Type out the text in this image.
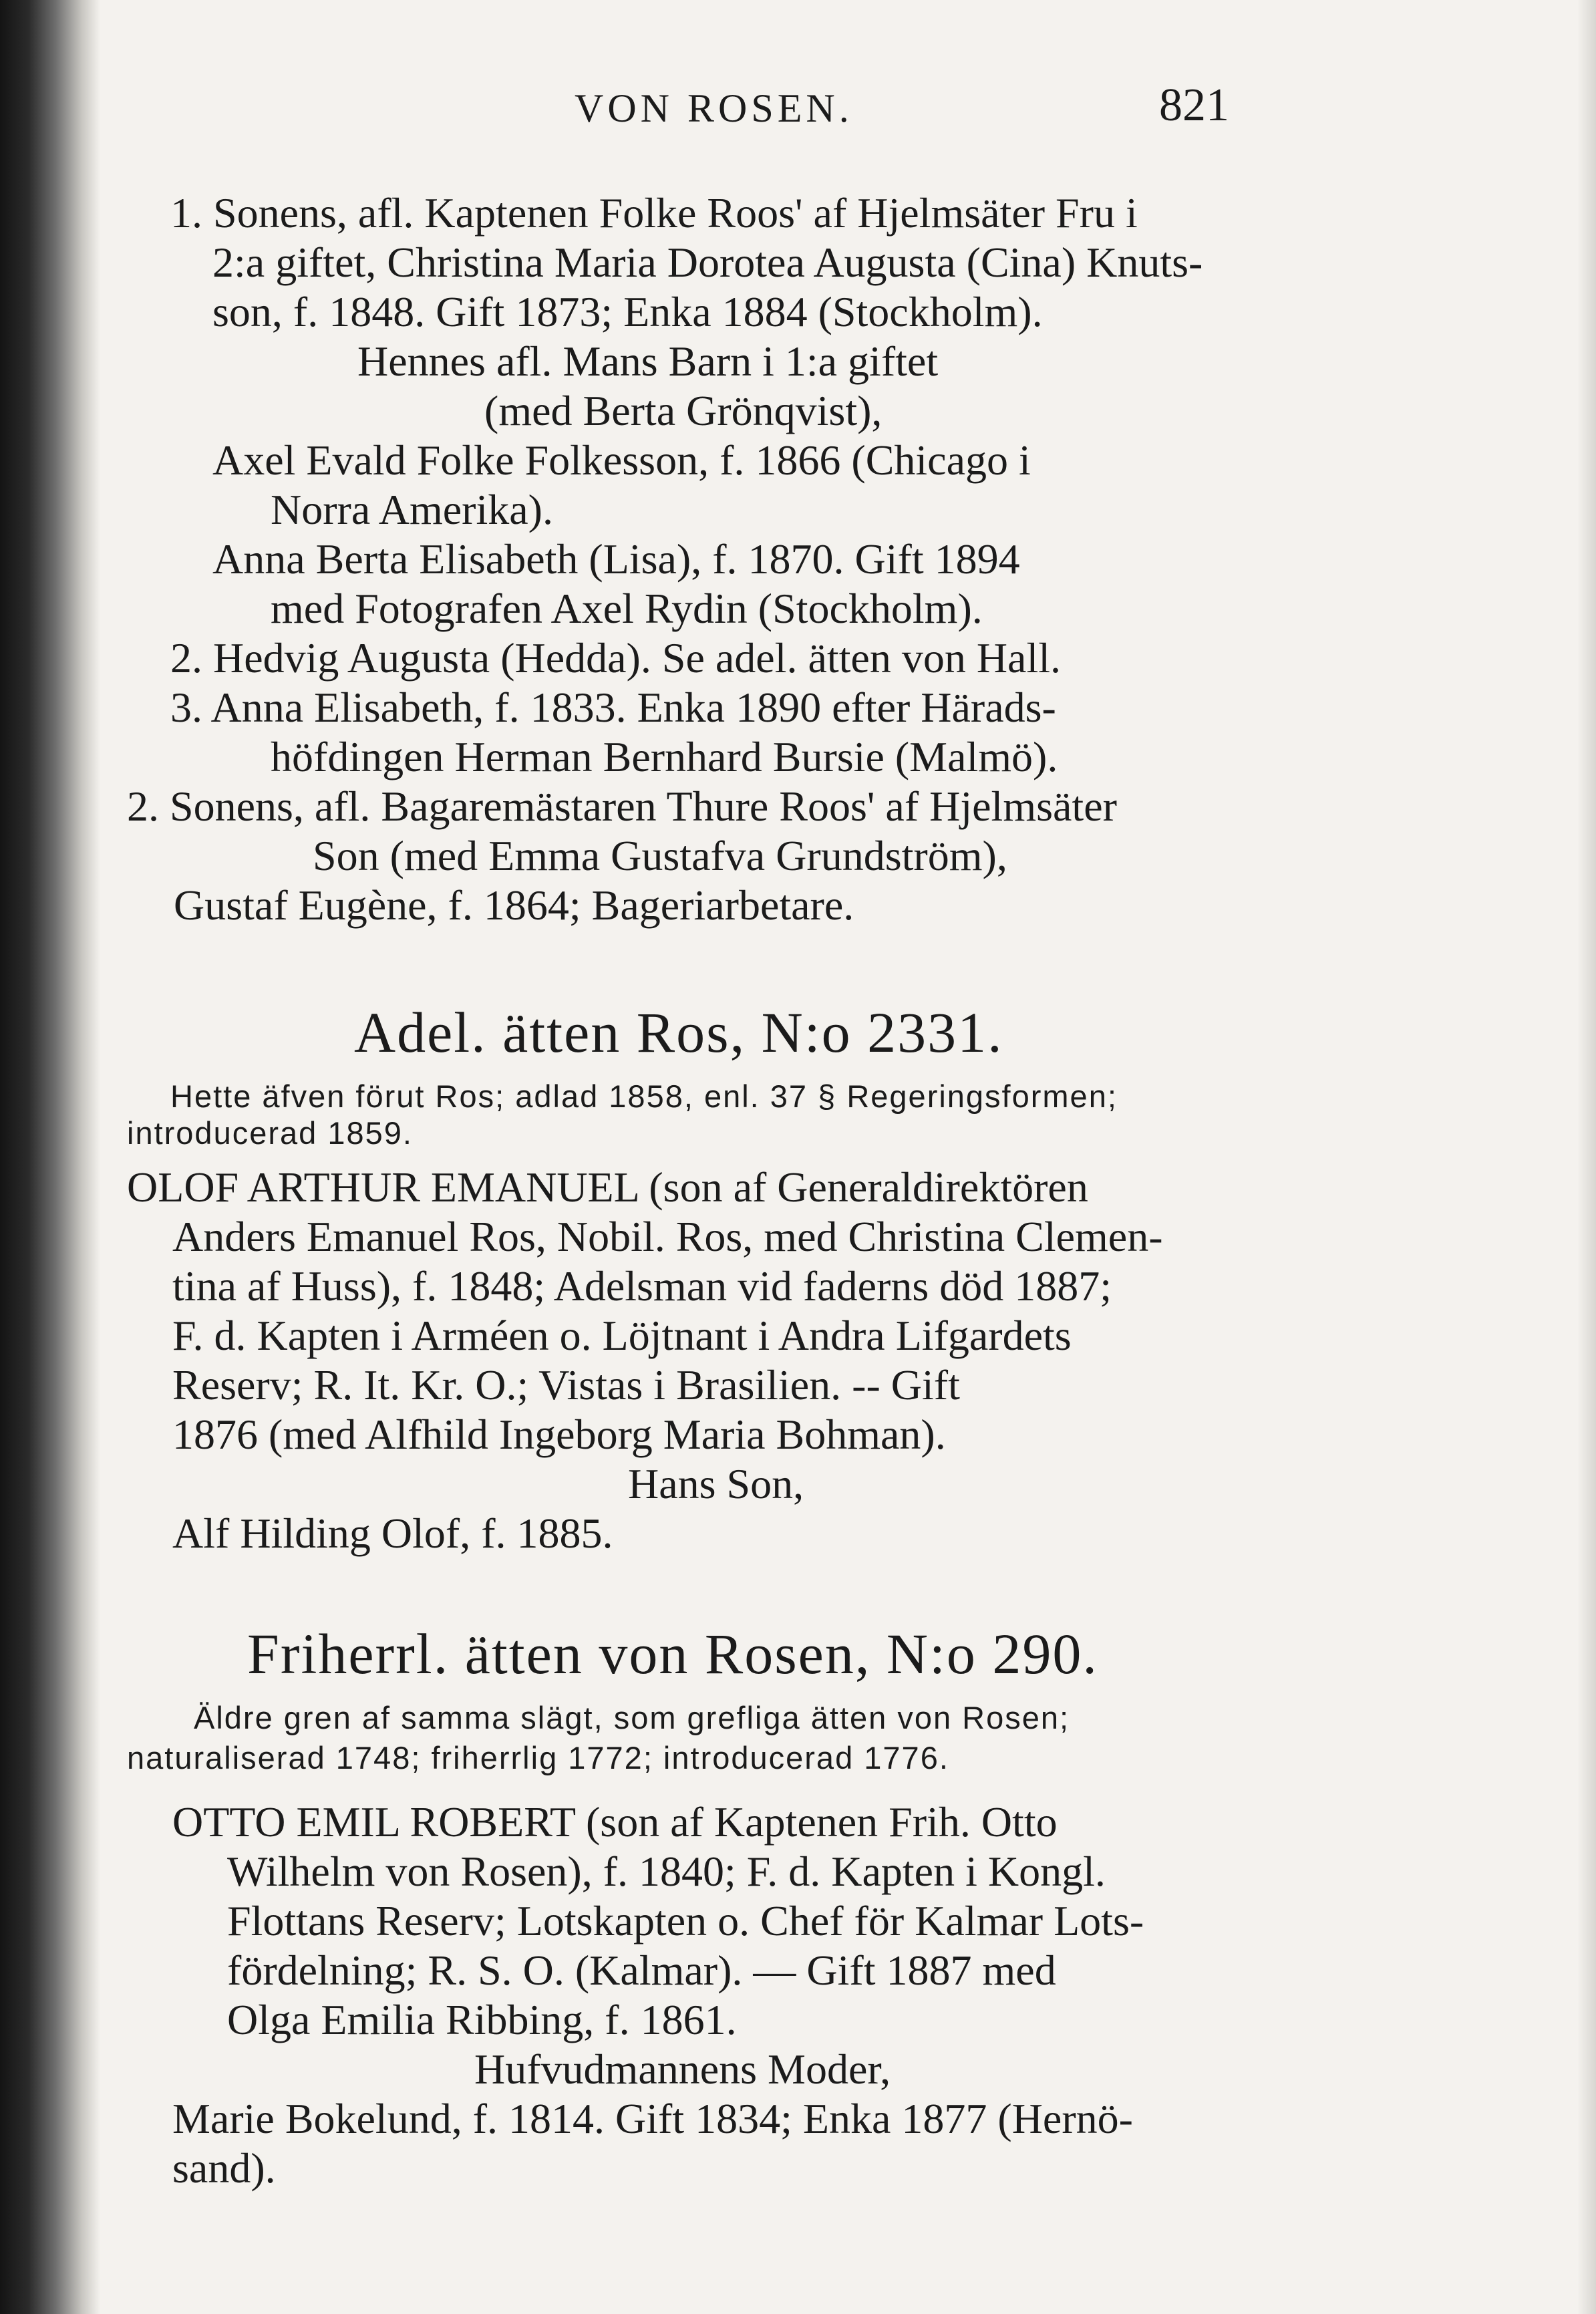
VON ROSEN.	821
1. Sonens, afl. Kaptenen Folke Roos' af Hjelmsäter Fru i
2:a giftet, Christina Maria Dorotea Augusta (Cina) Knuts-
son, f. 1848. Gift 1873; Enka 1884 (Stockholm).
Hennes afl. Mans Barn i 1:a giftet
(med Berta Grönqvist),
Axel Evald Folke Folkesson, f. 1866 (Chicago i
Norra Amerika).
Anna Berta Elisabeth (Lisa), f. 1870. Gift 1894
med Fotografen Axel Rydin (Stockholm).
2. Hedvig Augusta (Hedda). Se adel. ätten von Hall.
3. Anna Elisabeth, f. 1833. Enka 1890 efter Härads-
höfdingen Herman Bernhard Bursie (Malmö).
2. Sonens, afl. Bagaremästaren Thure Roos' af Hjelmsäter
Son (med Emma Gustafva Grundström),
Gustaf Eugène, f. 1864; Bageriarbetare.
OLOF ARTHUR EMANUEL (son af Generaldirektören
Anders Emanuel Ros, Nobil. Ros, med Christina Clemen-
tina af Huss), f. 1848; Adelsman vid faderns död 1887;
F. d. Kapten i Arméen o. Löjtnant i Andra Lifgardets
Reserv; R. It. Kr. O.; Vistas i Brasilien. -- Gift
1876 (med Alfhild Ingeborg Maria Bohman).
Hans Son,
Alf Hilding Olof, f. 1885.
OTTO EMIL ROBERT (son af Kaptenen Frih. Otto
Wilhelm von Rosen), f. 1840; F. d. Kapten i Kongl.
Flottans Reserv; Lotskapten o. Chef för Kalmar Lots-
fördelning; R. S. O. (Kalmar). — Gift 1887 med
Olga Emilia Ribbing, f. 1861.
Hufvudmannens Moder,
Marie Bokelund, f. 1814. Gift 1834; Enka 1877 (Hernö-
sand).
Adel. ätten Ros, N:o 2331.
Hette äfven förut Ros; adlad 1858, enl. 37 § Regeringsformen;
introducerad 1859.
Friherrl. ätten von Rosen, N:o 290.
Äldre gren af samma slägt, som grefliga ätten von Rosen;
naturaliserad 1748; friherrlig 1772; introducerad 1776.
